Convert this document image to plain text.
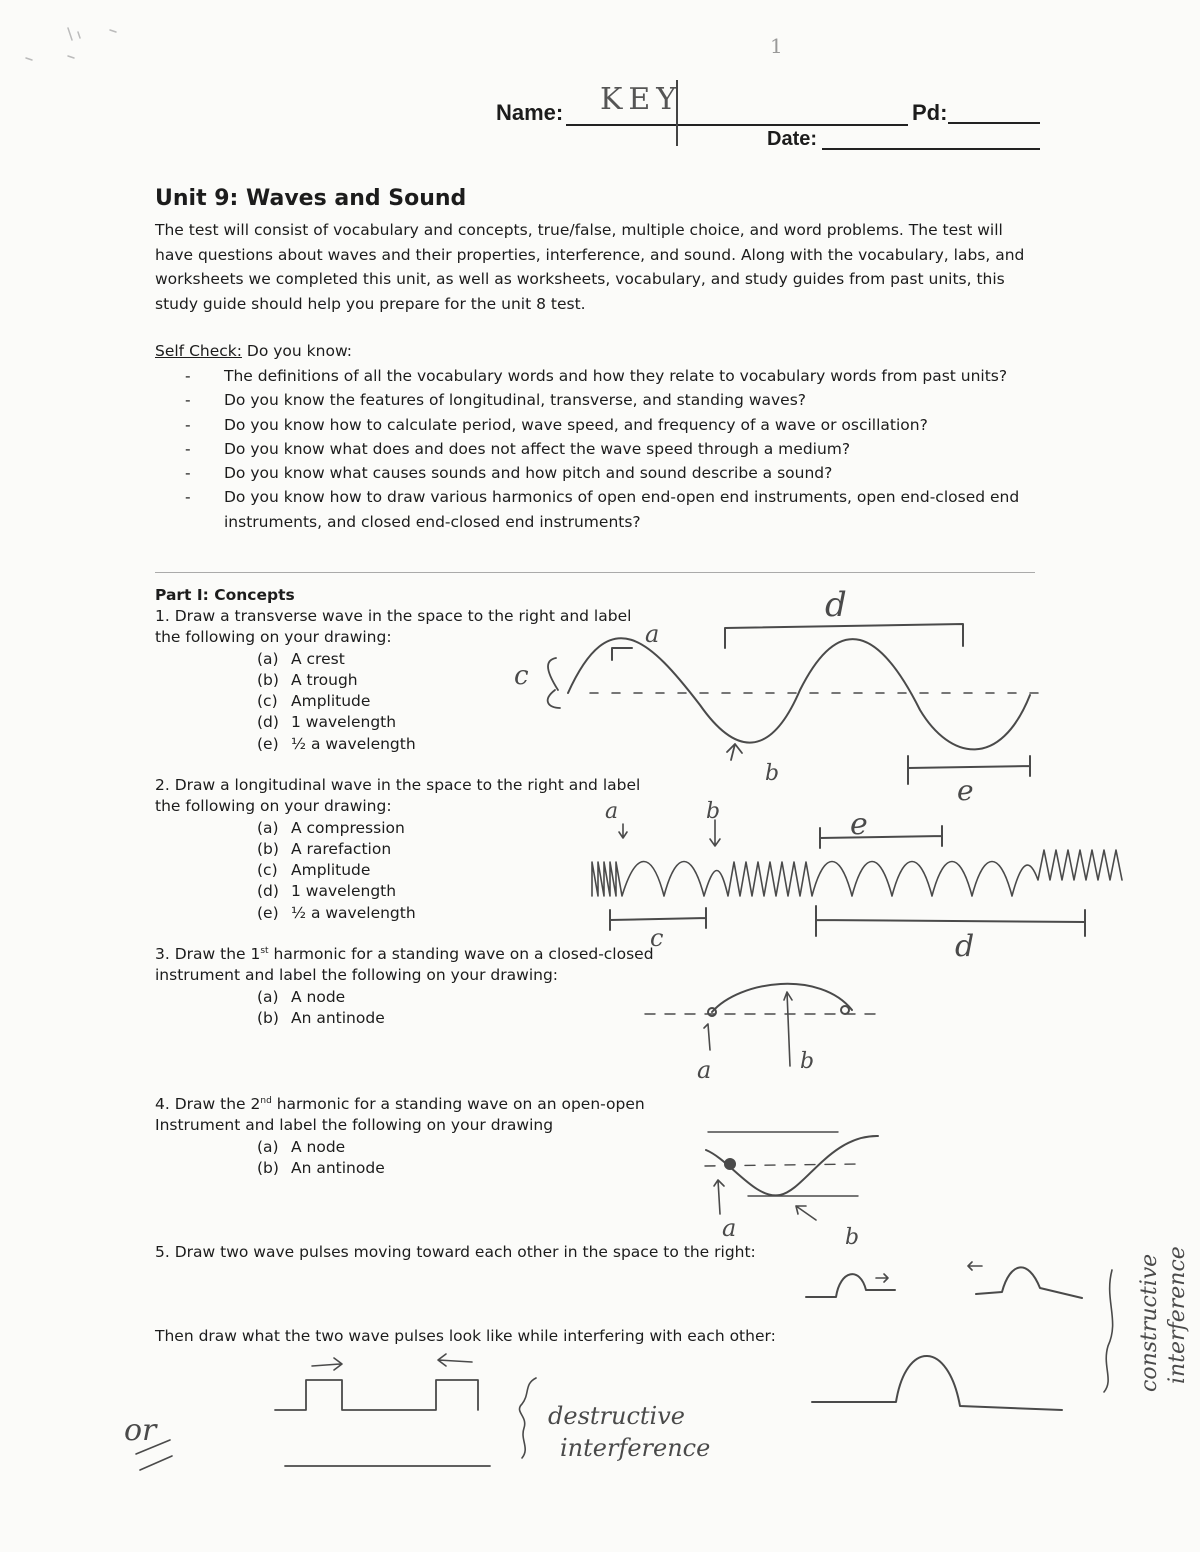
Name: KEY	Pd:
Date:
1
Unit 9: Waves and Sound
The test will consist of vocabulary and concepts, true/false, multiple choice, and word problems. The test will have questions about waves and their properties, interference, and sound. Along with the vocabulary, labs, and worksheets we completed this unit, as well as worksheets, vocabulary, and study guides from past units, this study guide should help you prepare for the unit 8 test.
Self Check: Do you know:
- The definitions of all the vocabulary words and how they relate to vocabulary words from past units?
- Do you know the features of longitudinal, transverse, and standing waves?
- Do you know how to calculate period, wave speed, and frequency of a wave or oscillation?
- Do you know what does and does not affect the wave speed through a medium?
- Do you know what causes sounds and how pitch and sound describe a sound?
- Do you know how to draw various harmonics of open end-open end instruments, open end-closed end instruments, and closed end-closed end instruments?
Part I: Concepts
1. Draw a transverse wave in the space to the right and label
the following on your drawing:
(a) A crest
(b) A trough
(c) Amplitude
(d) 1 wavelength
(e) ½ a wavelength
2. Draw a longitudinal wave in the space to the right and label
the following on your drawing:
(a) A compression
(b) A rarefaction
(c) Amplitude
(d) 1 wavelength
(e) ½ a wavelength
3. Draw the 1st harmonic for a standing wave on a closed-closed
instrument and label the following on your drawing:
(a) A node
(b) An antinode
4. Draw the 2nd harmonic for a standing wave on an open-open
Instrument and label the following on your drawing
(a) A node
(b) An antinode
5. Draw two wave pulses moving toward each other in the space to the right:
Then draw what the two wave pulses look like while interfering with each other:
d
c
a
b
e
a	b	e
c	d
a	b
a	b
or	destructive
interference
constructive interference
